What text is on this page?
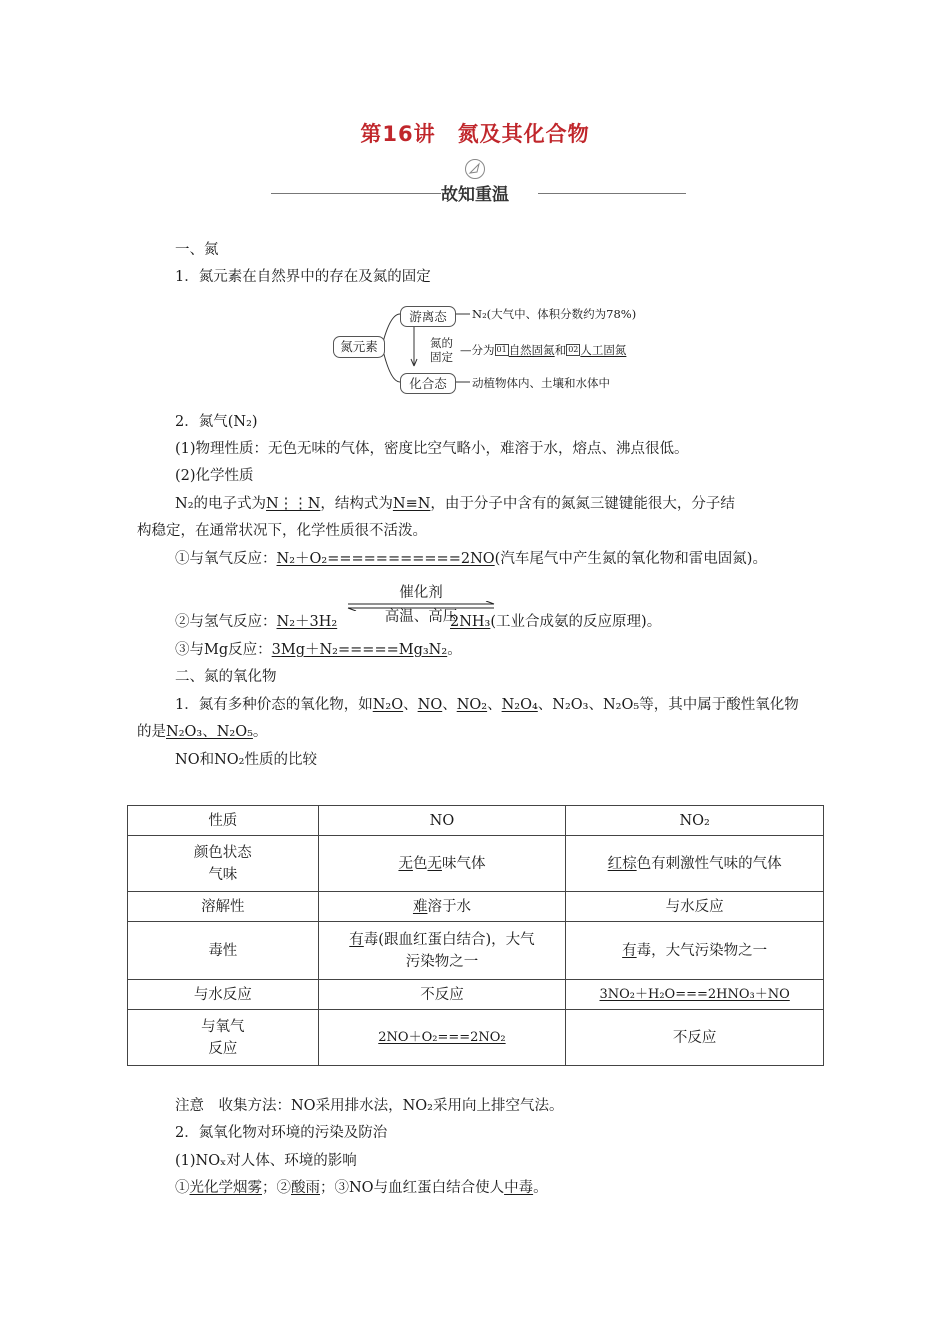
第16讲　氮及其化合物
故知重温
一、氮
1．氮元素在自然界中的存在及氮的固定
氮元素
游离态	N₂(大气中、体积分数约为78%)
氮的
固定 —分为 01 自然固氮和 02 人工固氮
化合态	动植物体内、土壤和水体中
2．氮气(N₂)
(1)物理性质：无色无味的气体，密度比空气略小，难溶于水，熔点、沸点很低。
(2)化学性质
N₂的电子式为N⋮⋮N，结构式为N≡N，由于分子中含有的氮氮三键键能很大，分子结
构稳定，在通常状况下，化学性质很不活泼。
①与氧气反应：N₂＋O₂===========2NO(汽车尾气中产生氮的氧化物和雷电固氮)。
催化剂
②与氢气反应：N₂＋3H₂	高温、高压
2NH₃(工业合成氨的反应原理)。
③与Mg反应：3Mg＋N₂=====Mg₃N₂。
二、氮的氧化物
1．氮有多种价态的氧化物，如N₂O、NO、NO₂、N₂O₄、N₂O₃、N₂O₅等，其中属于酸性氧化物
的是N₂O₃、N₂O₅。
NO和NO₂性质的比较
性质	NO	NO₂
颜色状态
气味	无色无味气体	红棕色有刺激性气味的气体
溶解性	难溶于水	与水反应
毒性	有毒(跟血红蛋白结合)，大气
污染物之一	有毒，大气污染物之一
与水反应	不反应	3NO₂＋H₂O===2HNO₃＋NO
与氧气
反应	2NO＋O₂===2NO₂	不反应
注意　收集方法：NO采用排水法，NO₂采用向上排空气法。
2．氮氧化物对环境的污染及防治
(1)NOₓ对人体、环境的影响
①光化学烟雾；②酸雨；③NO与血红蛋白结合使人中毒。
